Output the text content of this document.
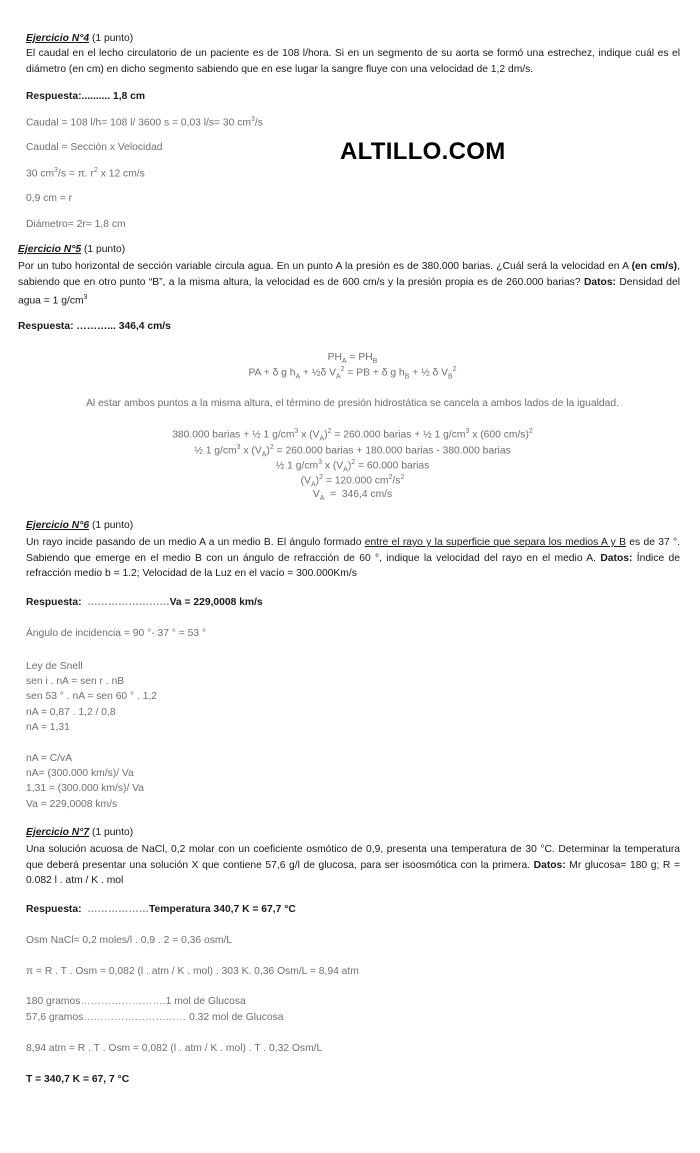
ALTILLO.COM
Ejercicio N°4 (1 punto)
El caudal en el lecho circulatorio de un paciente es de 108 l/hora. Si en un segmento de su aorta se formó una estrechez, indique cuál es el diámetro (en cm) en dicho segmento sabiendo que en ese lugar la sangre fluye con una velocidad de 1,2 dm/s.
Respuesta:.......... 1,8 cm
Caudal = 108 l/h= 108 l/ 3600 s = 0,03 l/s= 30 $cm^3/s$
Caudal = Sección x Velocidad
30 $cm^3/s = \pi$. $r^2$ x 12 cm/s
0,9 cm = r
Diámetro= 2r= 1,8 cm
Ejercicio N°5 (1 punto)
Por un tubo horizontal de sección variable circula agua. En un punto A la presión es de 380.000 barias. ¿Cuál será la velocidad en A (en cm/s), sabiendo que en otro punto “B”, a la misma altura, la velocidad es de 600 cm/s y la presión propia es de 260.000 barias? Datos: Densidad del agua = 1 $g/cm^3$
Respuesta: ………... 346,4 cm/s
$PH_A = PH_B$
PA + δ g $h_A$ + ½δ $V_A^2$ = PB + δ g $h_B$ + ½ δ $V_B^2$
Al estar ambos puntos a la misma altura, el término de presión hidrostática se cancela a ambos lados de la igualdad.
380.000 barias + ½ 1 $g/cm^3$ x $(V_A)^2 = 260.000$ barias + ½ 1 $g/cm^3$ x (600 cm/s)$^2$
½ 1 $g/cm^3$ x $(V_A)^2 = 260.000$ barias + 180.000 barias - 380.000 barias
½ 1 $g/cm^3$ x $(V_A)^2 = 60.000$ barias
$(V_A)^2 = 120.000$ $cm^2/s^2$
$V_A = 346,4$ cm/s
Ejercicio N°6 (1 punto)
Un rayo incide pasando de un medio A a un medio B. El ángulo formado entre el rayo y la superficie que separa los medios A y B es de 37 °. Sabiendo que emerge en el medio B con un ángulo de refracción de 60 °, indique la velocidad del rayo en el medio A. Datos: Índice de refracción medio b = 1.2; Velocidad de la Luz en el vacío = 300.000Km/s
Respuesta: ……………………Va = 229,0008 km/s
Ángulo de incidencia = 90 °- 37 ° = 53 °
Ley de Snell
sen i . nA = sen r . nB
sen 53 ° . nA = sen 60 ° . 1,2
nA = 0,87 . 1,2 / 0,8
nA = 1,31
nA = C/vA
nA= (300.000 km/s)/ Va
1,31 = (300.000 km/s)/ Va
Va = 229,0008 km/s
Ejercicio N°7 (1 punto)
Una solución acuosa de NaCl, 0,2 molar con un coeficiente osmótico de 0,9, presenta una temperatura de 30 °C. Determinar la temperatura que deberá presentar una solución X que contiene 57,6 g/l de glucosa, para ser isoosmótica con la primera. Datos: Mr glucosa= 180 g; R = 0.082 l . atm / K . mol
Respuesta: ………………Temperatura 340,7 K = 67,7 °C
Osm NaCl= 0,2 moles/l . 0,9 . 2 = 0,36 osm/L
π = R . T . Osm = 0,082 (l . atm / K . mol) . 303 K. 0,36 Osm/L = 8,94 atm
180 gramos…………………….1 mol de Glucosa
57,6 gramos………………………… 0.32 mol de Glucosa
8,94 atm = R . T . Osm = 0,082 (l . atm / K . mol) . T . 0,32 Osm/L
T = 340,7 K = 67, 7 °C
